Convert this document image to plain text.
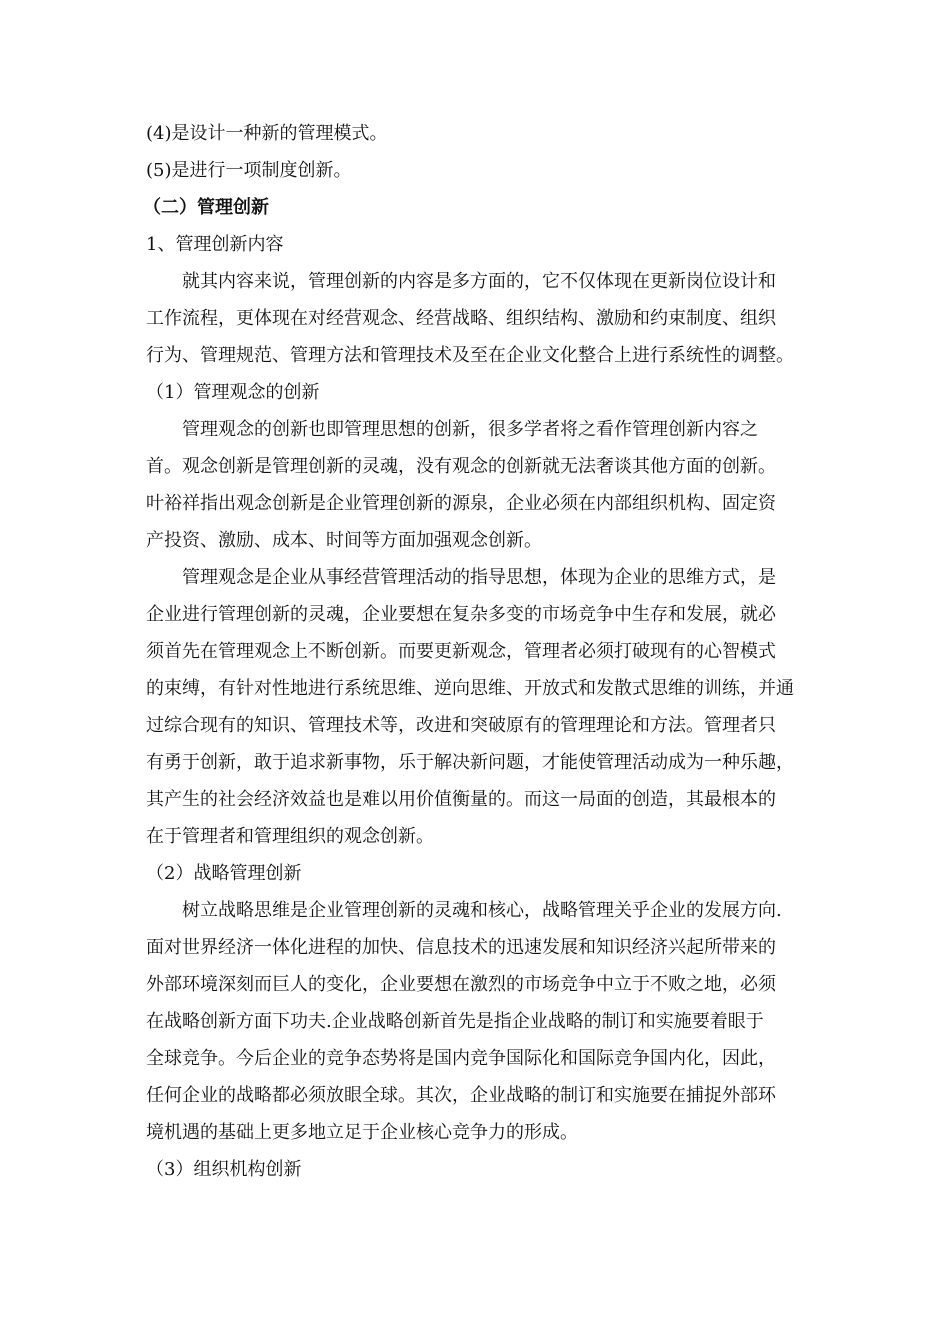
(4)是设计一种新的管理模式。
(5)是进行一项制度创新。
（二）管理创新
1、管理创新内容
就其内容来说，管理创新的内容是多方面的，它不仅体现在更新岗位设计和
工作流程，更体现在对经营观念、经营战略、组织结构、激励和约束制度、组织
行为、管理规范、管理方法和管理技术及至在企业文化整合上进行系统性的调整。
（1）管理观念的创新
管理观念的创新也即管理思想的创新，很多学者将之看作管理创新内容之
首。观念创新是管理创新的灵魂，没有观念的创新就无法奢谈其他方面的创新。
叶裕祥指出观念创新是企业管理创新的源泉，企业必须在内部组织机构、固定资
产投资、激励、成本、时间等方面加强观念创新。
管理观念是企业从事经营管理活动的指导思想，体现为企业的思维方式，是
企业进行管理创新的灵魂，企业要想在复杂多变的市场竞争中生存和发展，就必
须首先在管理观念上不断创新。而要更新观念，管理者必须打破现有的心智模式
的束缚，有针对性地进行系统思维、逆向思维、开放式和发散式思维的训练，并通
过综合现有的知识、管理技术等，改进和突破原有的管理理论和方法。管理者只
有勇于创新，敢于追求新事物，乐于解决新问题，才能使管理活动成为一种乐趣，
其产生的社会经济效益也是难以用价值衡量的。而这一局面的创造，其最根本的
在于管理者和管理组织的观念创新。
（2）战略管理创新
树立战略思维是企业管理创新的灵魂和核心，战略管理关乎企业的发展方向.
面对世界经济一体化进程的加快、信息技术的迅速发展和知识经济兴起所带来的
外部环境深刻而巨人的变化，企业要想在激烈的市场竞争中立于不败之地，必须
在战略创新方面下功夫.企业战略创新首先是指企业战略的制订和实施要着眼于
全球竞争。今后企业的竞争态势将是国内竞争国际化和国际竞争国内化，因此，
任何企业的战略都必须放眼全球。其次，企业战略的制订和实施要在捕捉外部环
境机遇的基础上更多地立足于企业核心竞争力的形成。
（3）组织机构创新
